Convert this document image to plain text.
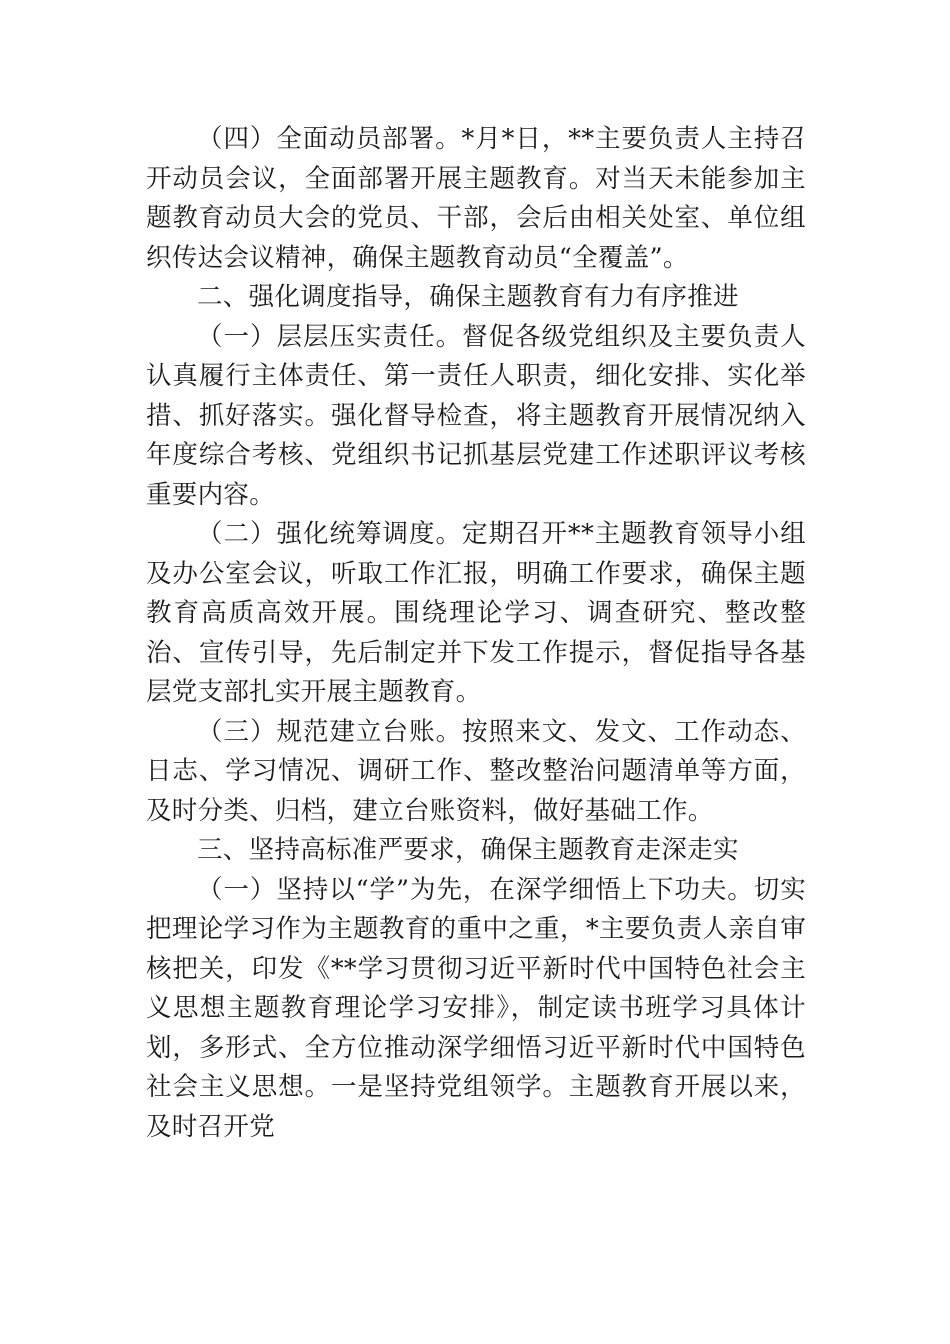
（四）全面动员部署。*月*日，**主要负责人主持召开动员会议，全面部署开展主题教育。对当天未能参加主题教育动员大会的党员、干部，会后由相关处室、单位组织传达会议精神，确保主题教育动员“全覆盖”。

二、强化调度指导，确保主题教育有力有序推进

（一）层层压实责任。督促各级党组织及主要负责人认真履行主体责任、第一责任人职责，细化安排、实化举措、抓好落实。强化督导检查，将主题教育开展情况纳入年度综合考核、党组织书记抓基层党建工作述职评议考核重要内容。

（二）强化统筹调度。定期召开**主题教育领导小组及办公室会议，听取工作汇报，明确工作要求，确保主题教育高质高效开展。围绕理论学习、调查研究、整改整治、宣传引导，先后制定并下发工作提示，督促指导各基层党支部扎实开展主题教育。

（三）规范建立台账。按照来文、发文、工作动态、日志、学习情况、调研工作、整改整治问题清单等方面，及时分类、归档，建立台账资料，做好基础工作。

三、坚持高标准严要求，确保主题教育走深走实

（一）坚持以“学”为先，在深学细悟上下功夫。切实把理论学习作为主题教育的重中之重，*主要负责人亲自审核把关，印发《**学习贯彻习近平新时代中国特色社会主义思想主题教育理论学习安排》，制定读书班学习具体计划，多形式、全方位推动深学细悟习近平新时代中国特色社会主义思想。一是坚持党组领学。主题教育开展以来，及时召开党
